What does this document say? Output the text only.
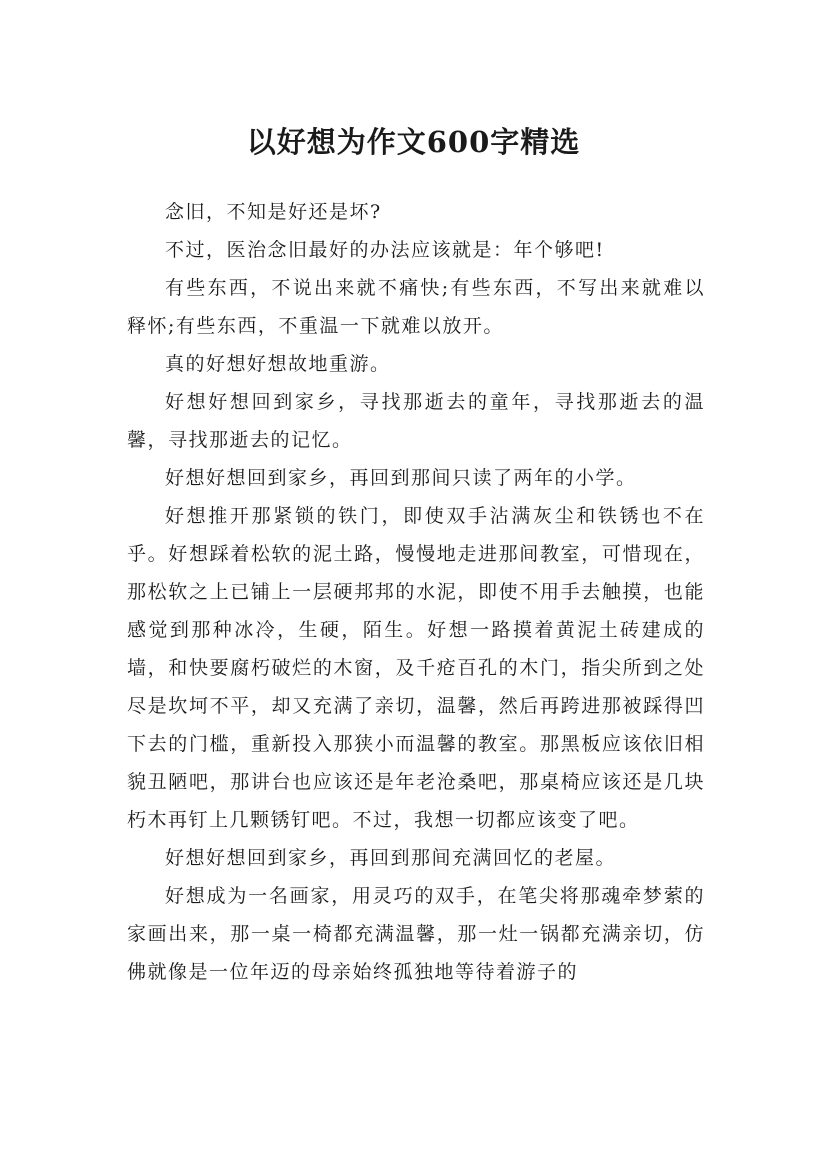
以好想为作文600字精选

念旧，不知是好还是坏?

不过，医治念旧最好的办法应该就是：年个够吧!

有些东西，不说出来就不痛快;有些东西，不写出来就难以释怀;有些东西，不重温一下就难以放开。

真的好想好想故地重游。

好想好想回到家乡，寻找那逝去的童年，寻找那逝去的温馨，寻找那逝去的记忆。

好想好想回到家乡，再回到那间只读了两年的小学。

好想推开那紧锁的铁门，即使双手沾满灰尘和铁锈也不在乎。好想踩着松软的泥土路，慢慢地走进那间教室，可惜现在，那松软之上已铺上一层硬邦邦的水泥，即使不用手去触摸，也能感觉到那种冰冷，生硬，陌生。好想一路摸着黄泥土砖建成的墙，和快要腐朽破烂的木窗，及千疮百孔的木门，指尖所到之处尽是坎坷不平，却又充满了亲切，温馨，然后再跨进那被踩得凹下去的门槛，重新投入那狭小而温馨的教室。那黑板应该依旧相貌丑陋吧，那讲台也应该还是年老沧桑吧，那桌椅应该还是几块朽木再钉上几颗锈钉吧。不过，我想一切都应该变了吧。

好想好想回到家乡，再回到那间充满回忆的老屋。

好想成为一名画家，用灵巧的双手，在笔尖将那魂牵梦萦的家画出来，那一桌一椅都充满温馨，那一灶一锅都充满亲切，仿佛就像是一位年迈的母亲始终孤独地等待着游子的
